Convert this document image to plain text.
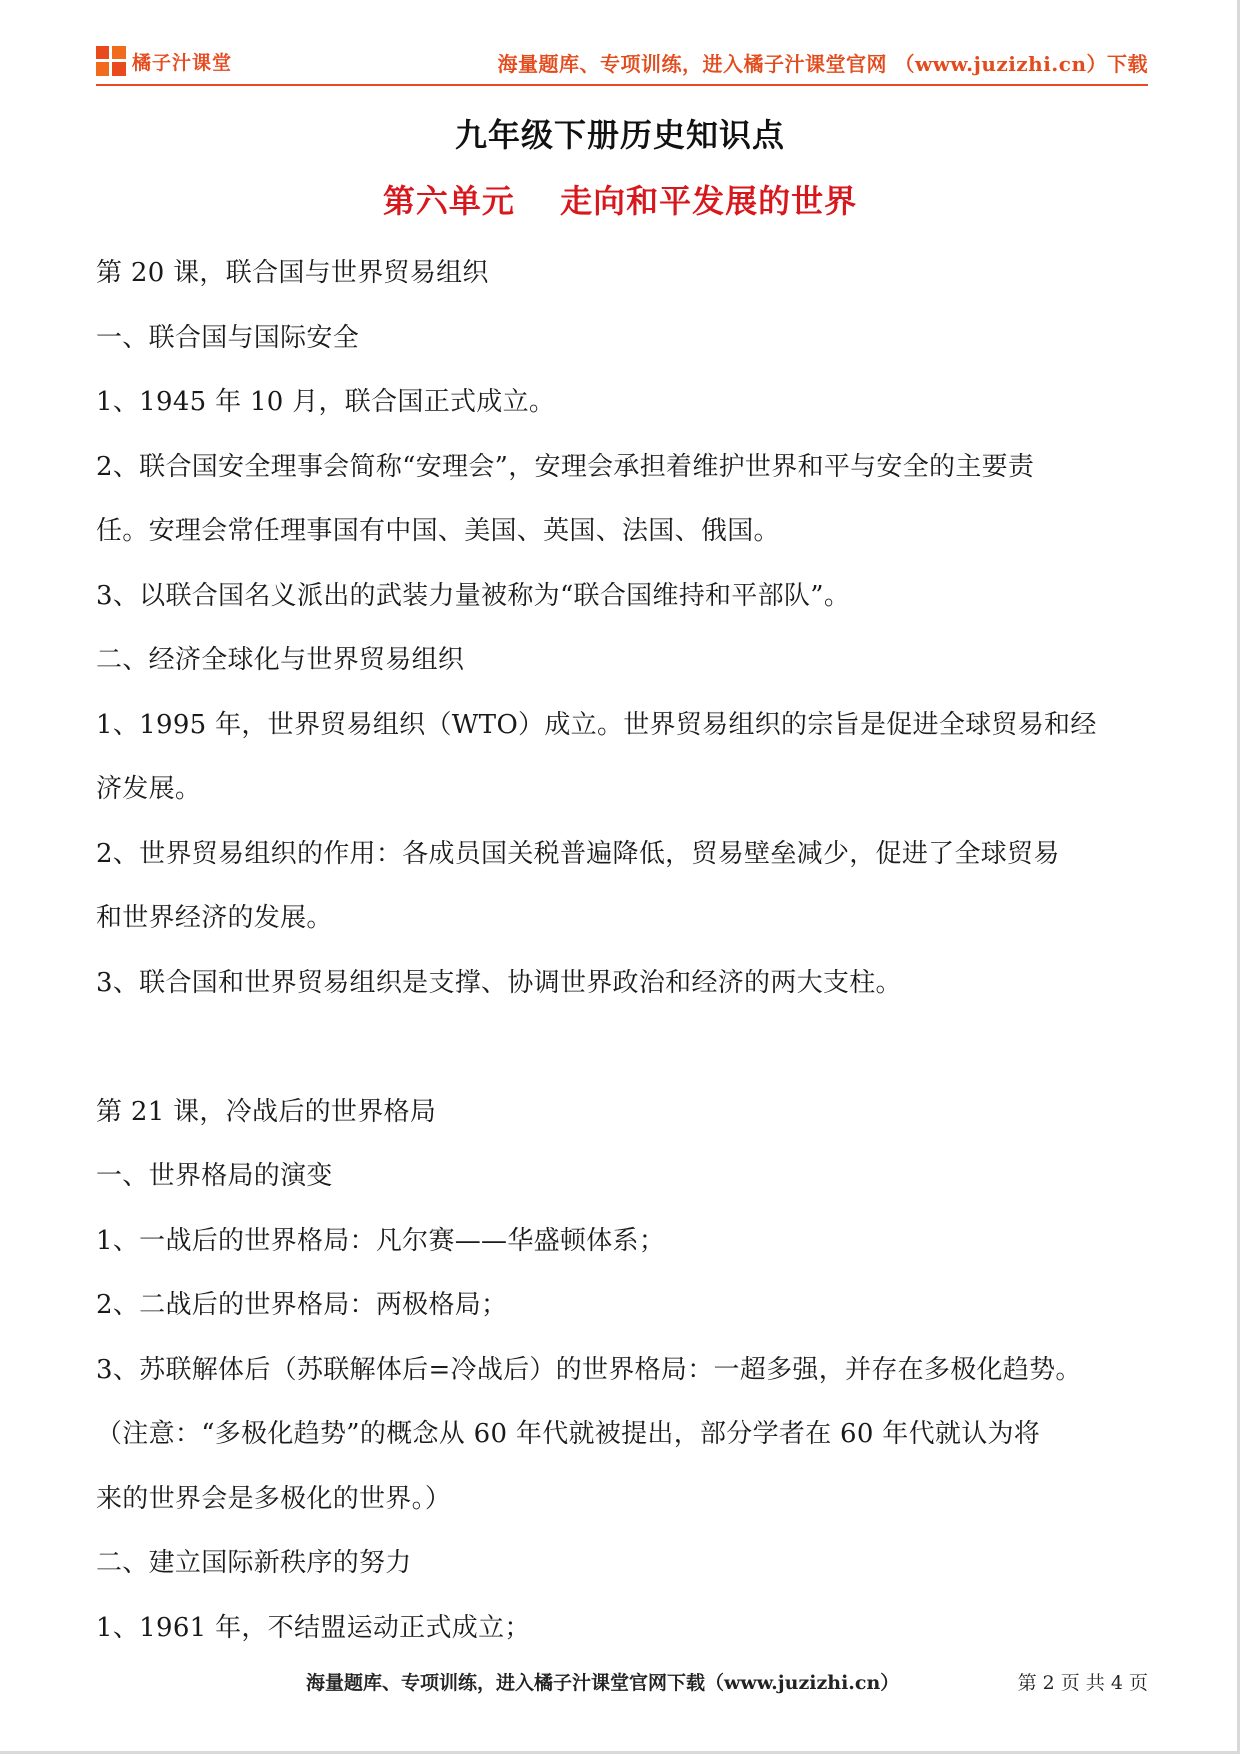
橘子汁课堂	海量题库、专项训练，进入橘子汁课堂官网 （www.juzizhi.cn）下载
九年级下册历史知识点
第六单元　 走向和平发展的世界
第 20 课，联合国与世界贸易组织
一、联合国与国际安全
1、1945 年 10 月，联合国正式成立。
2、联合国安全理事会简称“安理会”，安理会承担着维护世界和平与安全的主要责
任。安理会常任理事国有中国、美国、英国、法国、俄国。
3、以联合国名义派出的武装力量被称为“联合国维持和平部队”。
二、经济全球化与世界贸易组织
1、1995 年，世界贸易组织（WTO）成立。世界贸易组织的宗旨是促进全球贸易和经
济发展。
2、世界贸易组织的作用：各成员国关税普遍降低，贸易壁垒减少，促进了全球贸易
和世界经济的发展。
3、联合国和世界贸易组织是支撑、协调世界政治和经济的两大支柱。
第 21 课，冷战后的世界格局
一、世界格局的演变
1、一战后的世界格局：凡尔赛——华盛顿体系；
2、二战后的世界格局：两极格局；
3、苏联解体后（苏联解体后=冷战后）的世界格局：一超多强，并存在多极化趋势。
（注意：“多极化趋势”的概念从 60 年代就被提出，部分学者在 60 年代就认为将
来的世界会是多极化的世界。）
二、建立国际新秩序的努力
1、1961 年，不结盟运动正式成立；
海量题库、专项训练，进入橘子汁课堂官网下载（www.juzizhi.cn）	第 2 页 共 4 页
